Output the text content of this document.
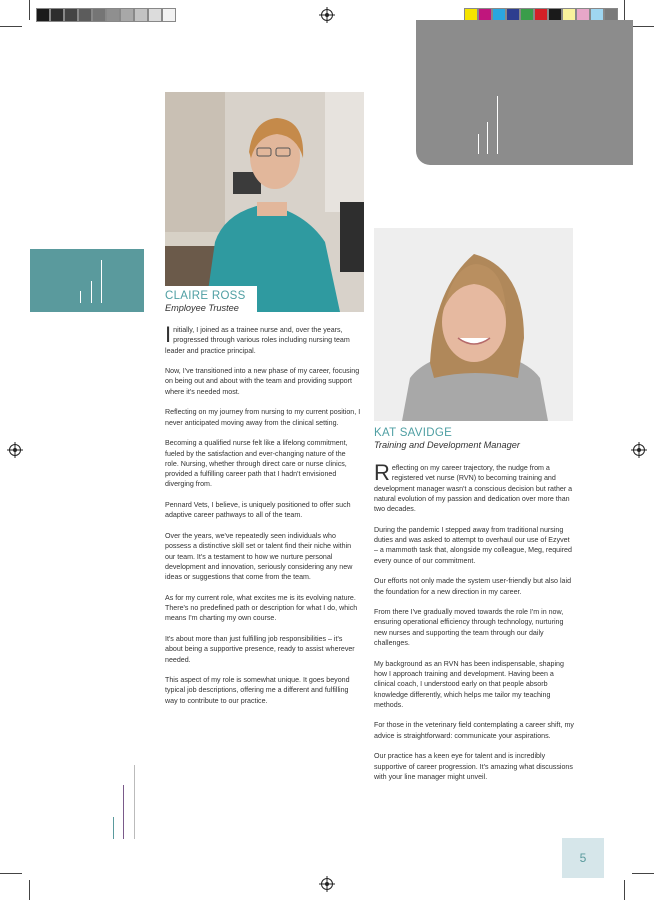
CLAIRE ROSS
Employee Trustee
KAT SAVIDGE
Training and Development Manager

Initially, I joined as a trainee nurse and, over the years, progressed through various roles including nursing team leader and practice principal.

Now, I've transitioned into a new phase of my career, focusing on being out and about with the team and providing support where it's needed most.

Reflecting on my journey from nursing to my current position, I never anticipated moving away from the clinical setting.

Becoming a qualified nurse felt like a lifelong commitment, fueled by the satisfaction and ever-changing nature of the role. Nursing, whether through direct care or nurse clinics, provided a fulfilling career path that I hadn't envisioned diverging from.

Pennard Vets, I believe, is uniquely positioned to offer such adaptive career pathways to all of the team.

Over the years, we've repeatedly seen individuals who possess a distinctive skill set or talent find their niche within our team. It's a testament to how we nurture personal development and innovation, seriously considering any new ideas or suggestions that come from the team.

As for my current role, what excites me is its evolving nature. There's no predefined path or description for what I do, which means I'm charting my own course.

It's about more than just fulfilling job responsibilities – it's about being a supportive presence, ready to assist wherever needed.

This aspect of my role is somewhat unique. It goes beyond typical job descriptions, offering me a different and fulfilling way to contribute to our practice.

Reflecting on my career trajectory, the nudge from a registered vet nurse (RVN) to becoming training and development manager wasn't a conscious decision but rather a natural evolution of my passion and dedication over more than two decades.

During the pandemic I stepped away from traditional nursing duties and was asked to attempt to overhaul our use of Ezyvet – a mammoth task that, alongside my colleague, Meg, required every ounce of our commitment.

Our efforts not only made the system user-friendly but also laid the foundation for a new direction in my career.

From there I've gradually moved towards the role I'm in now, ensuring operational efficiency through technology, nurturing new nurses and supporting the team through our daily challenges.

My background as an RVN has been indispensable, shaping how I approach training and development. Having been a clinical coach, I understood early on that people absorb knowledge differently, which helps me tailor my teaching methods.

For those in the veterinary field contemplating a career shift, my advice is straightforward: communicate your aspirations.

Our practice has a keen eye for talent and is incredibly supportive of career progression. It's amazing what discussions with your line manager might unveil.

5
